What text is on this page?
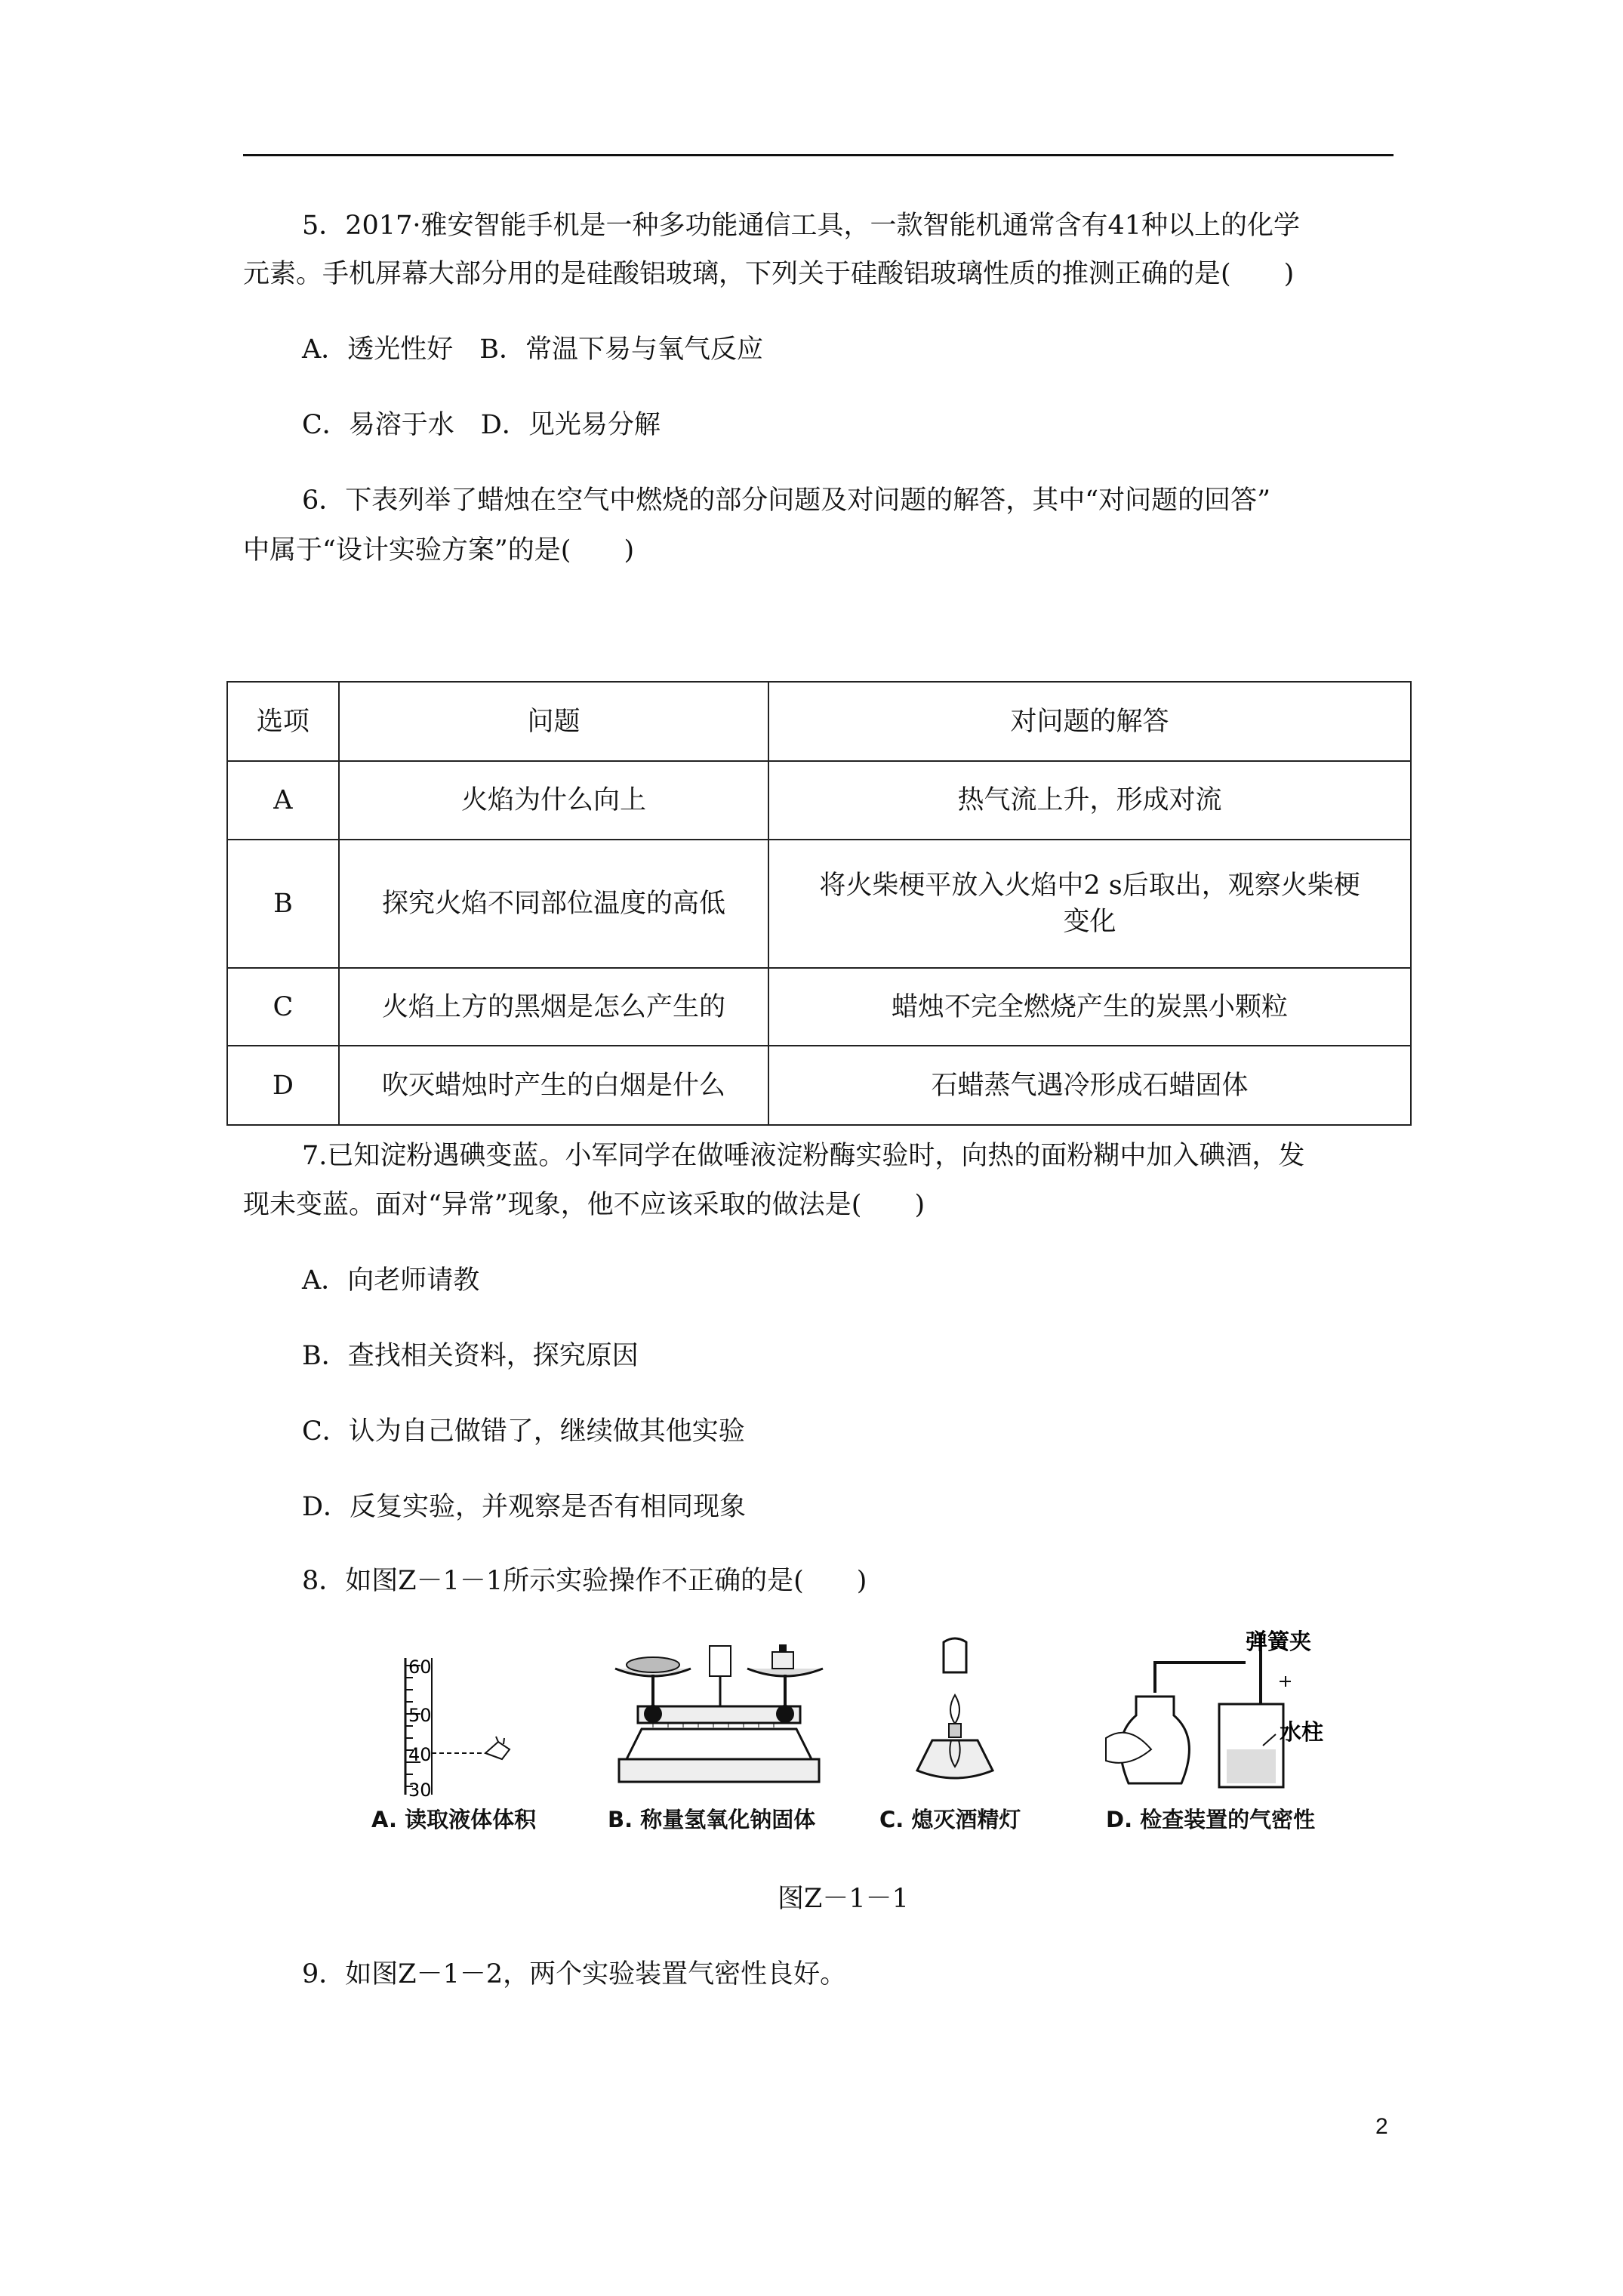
5．2017·雅安智能手机是一种多功能通信工具，一款智能机通常含有41种以上的化学
元素。手机屏幕大部分用的是硅酸铝玻璃，下列关于硅酸铝玻璃性质的推测正确的是(　　)
A．透光性好　B．常温下易与氧气反应
C．易溶于水　D．见光易分解
6．下表列举了蜡烛在空气中燃烧的部分问题及对问题的解答，其中“对问题的回答”
中属于“设计实验方案”的是(　　)
选项	问题	对问题的解答
A	火焰为什么向上	热气流上升，形成对流
B	探究火焰不同部位温度的高低	将火柴梗平放入火焰中2 s后取出，观察火柴梗
变化

C	火焰上方的黑烟是怎么产生的	蜡烛不完全燃烧产生的炭黑小颗粒
D	吹灭蜡烛时产生的白烟是什么	石蜡蒸气遇冷形成石蜡固体
7.已知淀粉遇碘变蓝。小军同学在做唾液淀粉酶实验时，向热的面粉糊中加入碘酒，发
现未变蓝。面对“异常”现象，他不应该采取的做法是(　　)
A．向老师请教
B．查找相关资料，探究原因
C．认为自己做错了，继续做其他实验
D．反复实验，并观察是否有相同现象
8．如图Z－1－1所示实验操作不正确的是(　　)
60
50
40
30
弹簧夹
水柱
A. 读取液体体积	B. 称量氢氧化钠固体	C. 熄灭酒精灯	D. 检查装置的气密性
图Z－1－1
9．如图Z－1－2，两个实验装置气密性良好。
2
